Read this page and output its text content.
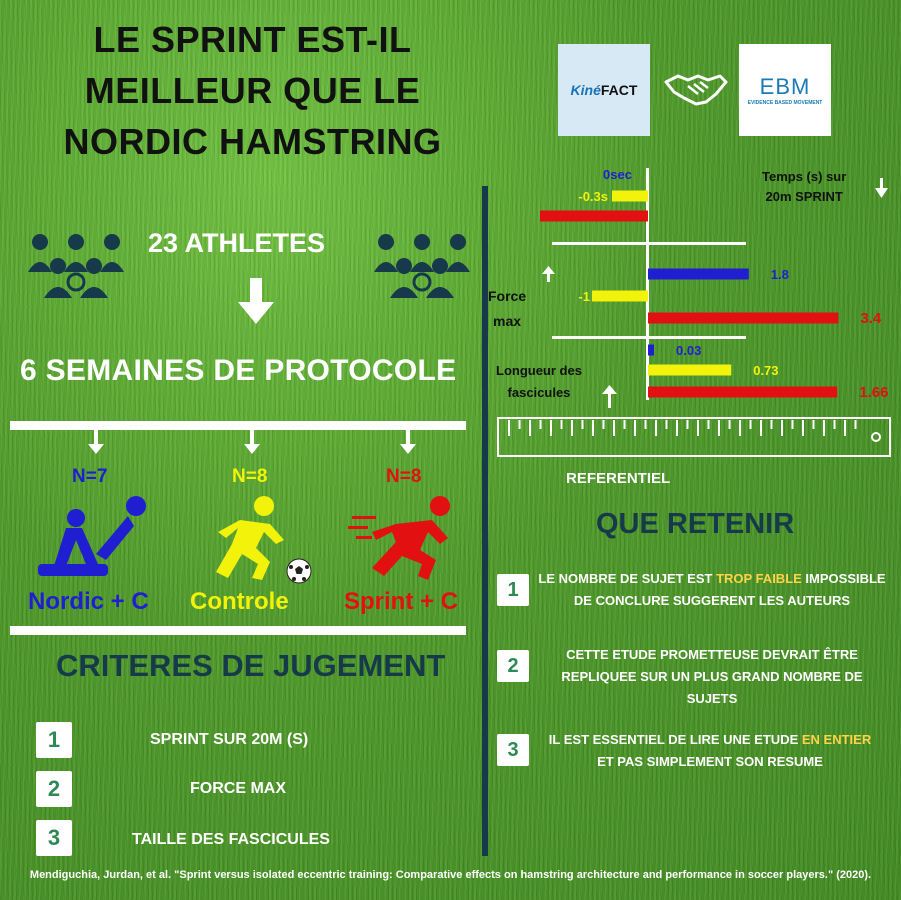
LE SPRINT EST-IL
MEILLEUR QUE LE
NORDIC HAMSTRING
Kiné FACT	EBM
EVIDENCE BASED MOVEMENT
23 ATHLETES
6 SEMAINES DE PROTOCOLE
N=7	N=8	N=8
Nordic + C Controle Sprint + C
CRITERES DE JUGEMENT
1	SPRINT SUR 20M (S)
2	FORCE MAX
3	TAILLE DES FASCICULES
-0.3s
-0.9s
1.8
-1
3.4
0.03
0.73
1.66
0sec	Temps (s) sur
20m SPRINT
Force
max
Longueur des
fascicules
REFERENTIEL
QUE RETENIR
1	LE NOMBRE DE SUJET EST TROP FAIBLE IMPOSSIBLE DE CONCLURE SUGGERENT LES AUTEURS
2	CETTE ETUDE PROMETTEUSE DEVRAIT ÊTRE REPLIQUEE SUR UN PLUS GRAND NOMBRE DE SUJETS
3	IL EST ESSENTIEL DE LIRE UNE ETUDE EN ENTIER ET PAS SIMPLEMENT SON RESUME
Mendiguchia, Jurdan, et al. "Sprint versus isolated eccentric training: Comparative effects on hamstring architecture and performance in soccer players." (2020).
